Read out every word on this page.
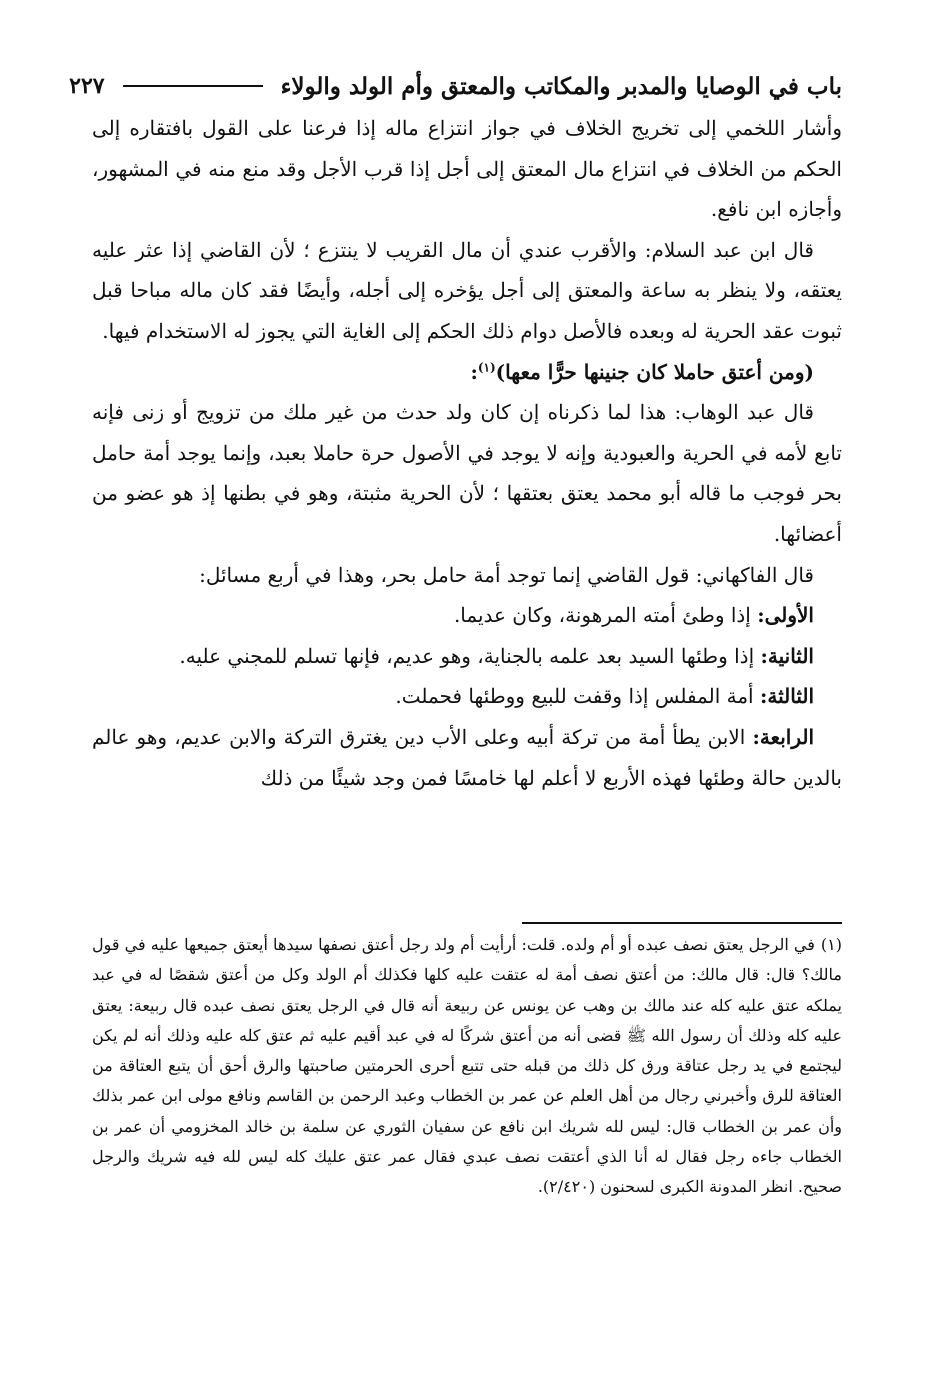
باب في الوصايا والمدبر والمكاتب والمعتق وأم الولد والولاء
٢٢٧

وأشار اللخمي إلى تخريج الخلاف في جواز انتزاع ماله إذا فرعنا على القول بافتقاره إلى الحكم من الخلاف في انتزاع مال المعتق إلى أجل إذا قرب الأجل وقد منع منه في المشهور، وأجازه ابن نافع.

قال ابن عبد السلام: والأقرب عندي أن مال القريب لا ينتزع ؛ لأن القاضي إذا عثر عليه يعتقه، ولا ينظر به ساعة والمعتق إلى أجل يؤخره إلى أجله، وأيضًا فقد كان ماله مباحا قبل ثبوت عقد الحرية له وبعده فالأصل دوام ذلك الحكم إلى الغاية التي يجوز له الاستخدام فيها.

(ومن أعتق حاملا كان جنينها حرًّا معها)$^{(١)}$:

قال عبد الوهاب: هذا لما ذكرناه إن كان ولد حدث من غير ملك من تزويج أو زنى فإنه تابع لأمه في الحرية والعبودية وإنه لا يوجد في الأصول حرة حاملا بعبد، وإنما يوجد أمة حامل بحر فوجب ما قاله أبو محمد يعتق بعتقها ؛ لأن الحرية مثبتة، وهو في بطنها إذ هو عضو من أعضائها.

قال الفاكهاني: قول القاضي إنما توجد أمة حامل بحر، وهذا في أربع مسائل:

الأولى: إذا وطئ أمته المرهونة، وكان عديما.

الثانية: إذا وطئها السيد بعد علمه بالجناية، وهو عديم، فإنها تسلم للمجني عليه.

الثالثة: أمة المفلس إذا وقفت للبيع ووطئها فحملت.

الرابعة: الابن يطأ أمة من تركة أبيه وعلى الأب دين يغترق التركة والابن عديم، وهو عالم بالدين حالة وطئها فهذه الأربع لا أعلم لها خامسًا فمن وجد شيئًا من ذلك

(١)في الرجل يعتق نصف عبده أو أم ولده. قلت: أرأيت أم ولد رجل أعتق نصفها سيدها أيعتق جميعها عليه في قول مالك؟ قال: قال مالك: من أعتق نصف أمة له عتقت عليه كلها فكذلك أم الولد وكل من أعتق شقصًا له في عبد يملكه عتق عليه كله عند مالك بن وهب عن يونس عن ربيعة أنه قال في الرجل يعتق نصف عبده قال ربيعة: يعتق عليه كله وذلك أن رسول الله ﷺ قضى أنه من أعتق شركًا له في عبد أقيم عليه ثم عتق كله عليه وذلك أنه لم يكن ليجتمع في يد رجل عتاقة ورق كل ذلك من قبله حتى تتبع أحرى الحرمتين صاحبتها والرق أحق أن يتبع العتاقة من العتاقة للرق وأخبرني رجال من أهل العلم عن عمر بن الخطاب وعبد الرحمن بن القاسم ونافع مولى ابن عمر بذلك وأن عمر بن الخطاب قال: ليس لله شريك ابن نافع عن سفيان الثوري عن سلمة بن خالد المخزومي أن عمر بن الخطاب جاءه رجل فقال له أنا الذي أعتقت نصف عبدي فقال عمر عتق عليك كله ليس لله فيه شريك والرجل صحيح. انظر المدونة الكبرى لسحنون (٢/٤٢٠).
